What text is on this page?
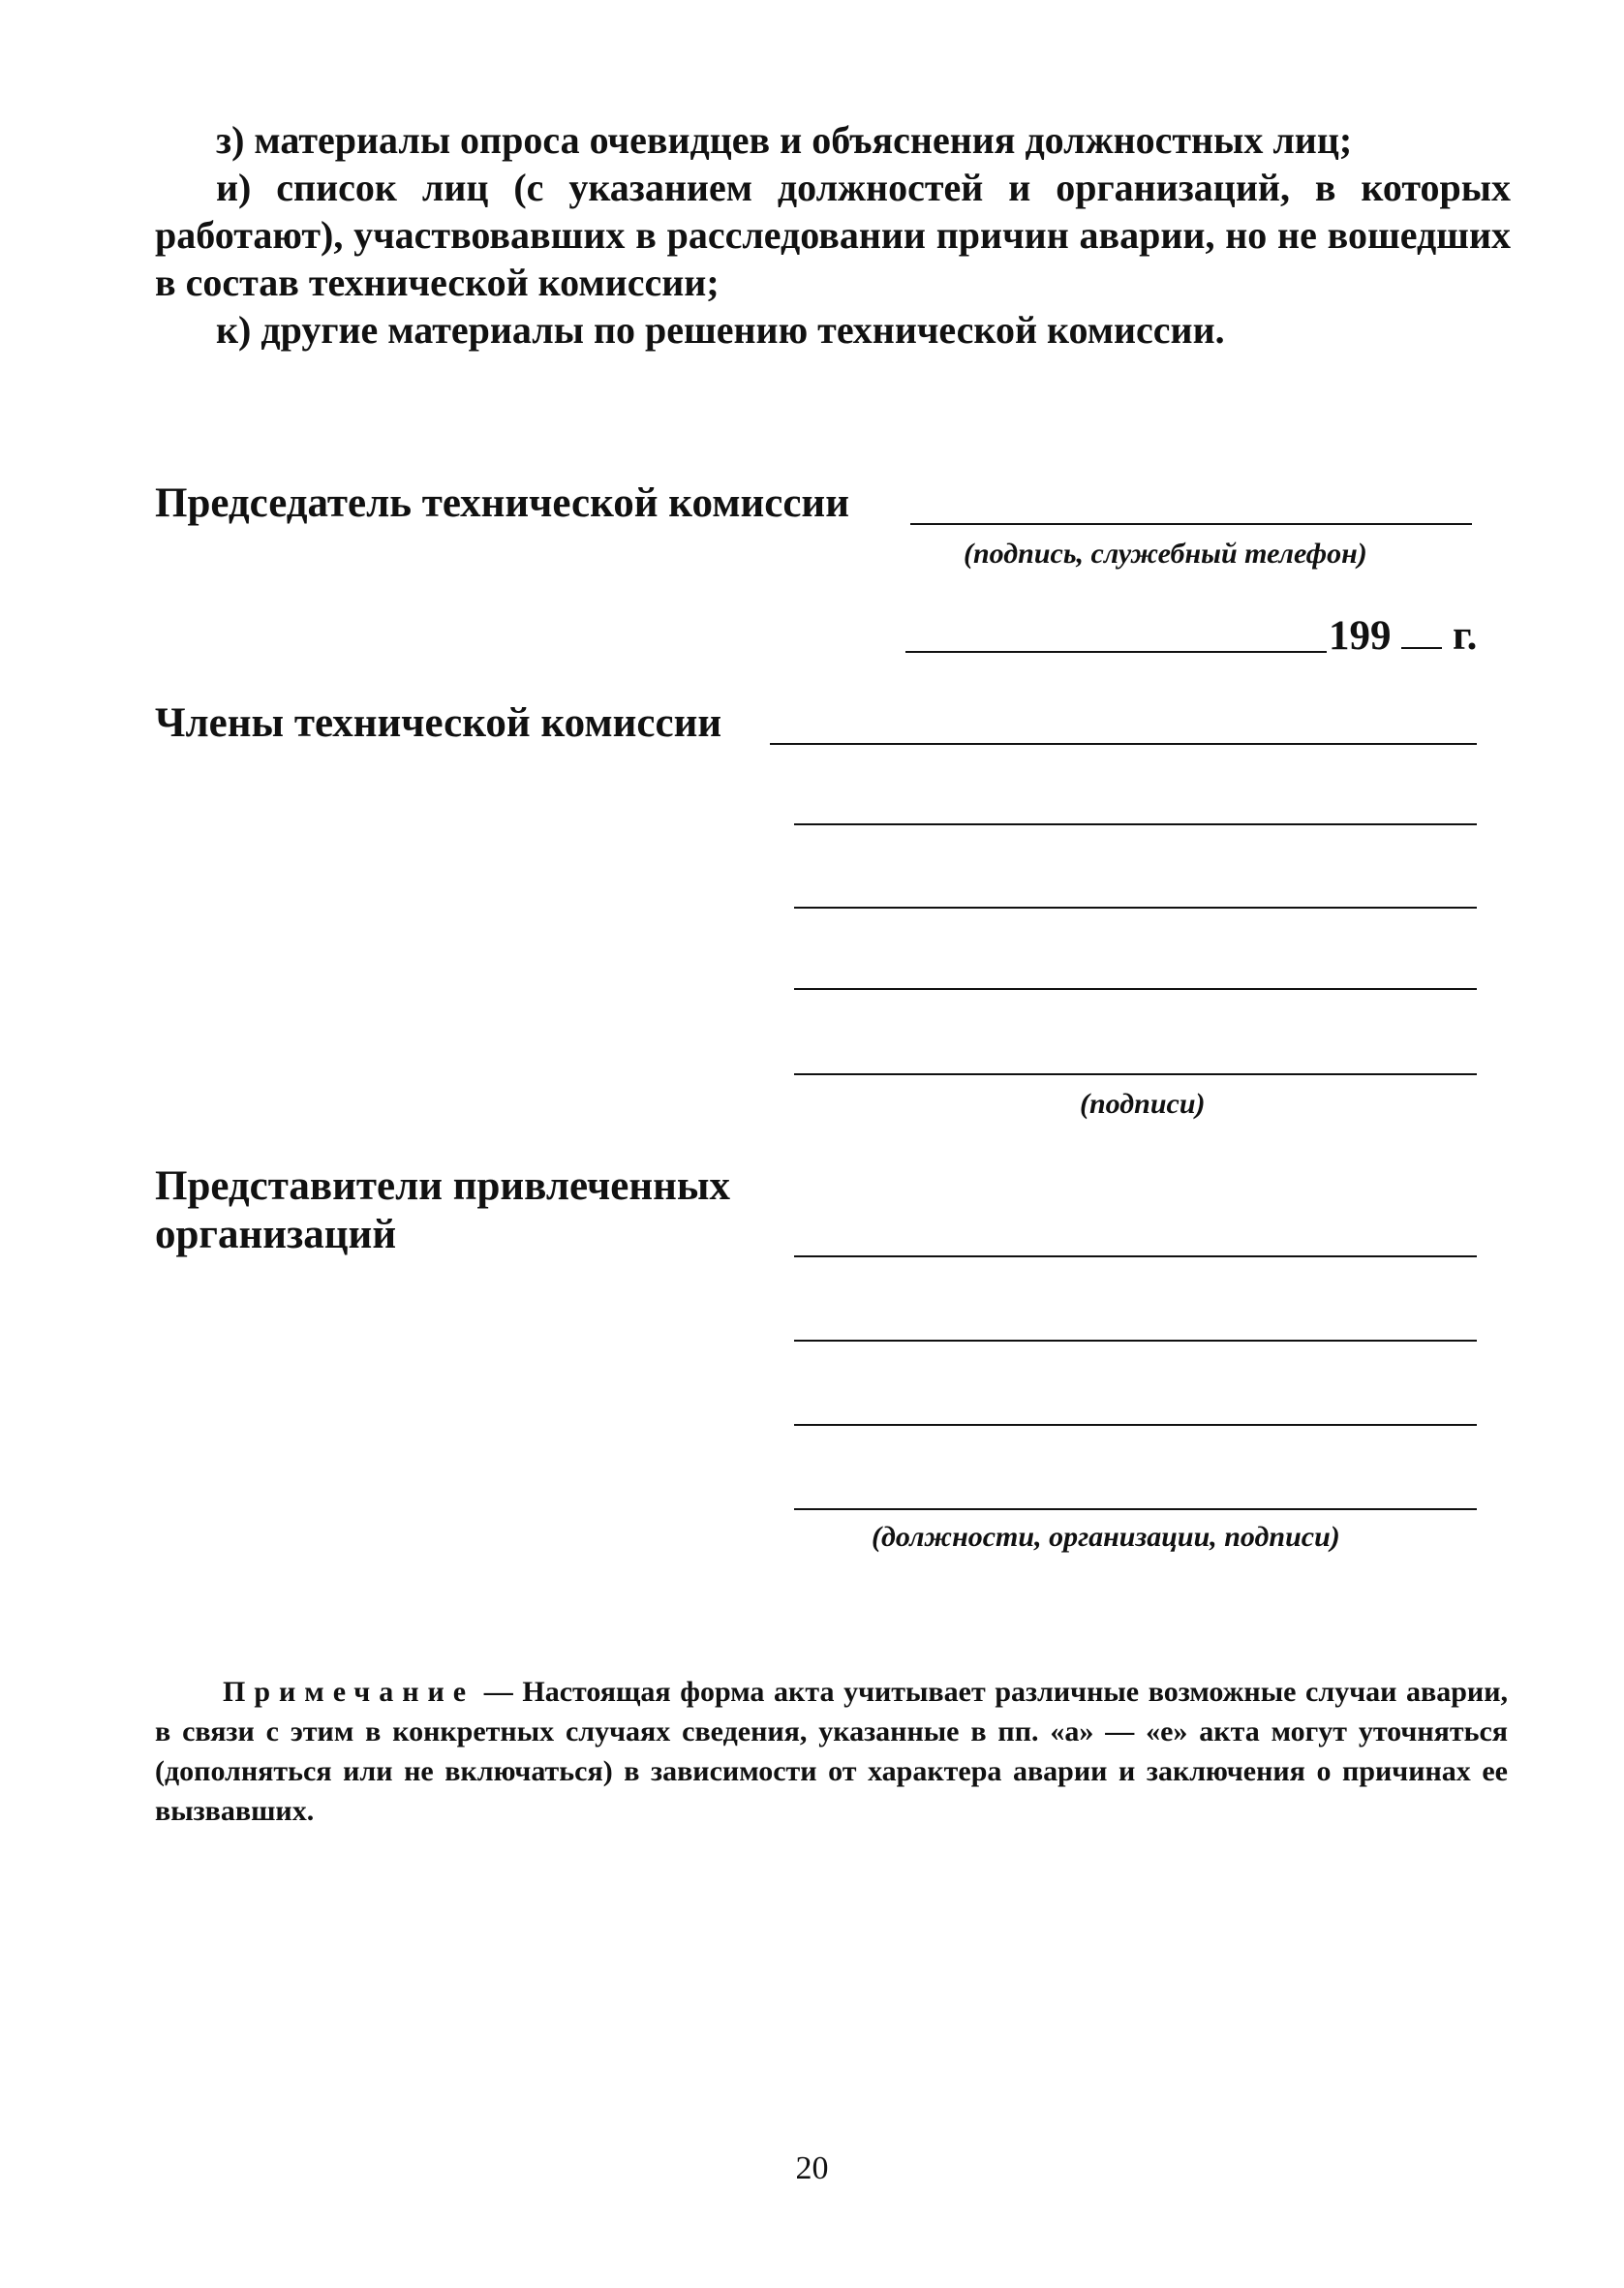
з) материалы опроса очевидцев и объяснения должностных лиц;

и) список лиц (с указанием должностей и организаций, в которых работают), участвовавших в расследовании причин аварии, но не вошедших в состав технической комиссии;

к) другие материалы по решению технической комиссии.

Председатель технической комиссии
(подпись, служебный телефон)
199 г.
Члены технической комиссии
(подписи)
Представители привлеченных организаций
(должности, организации, подписи)

Примечание — Настоящая форма акта учитывает различные возможные случаи аварии, в связи с этим в конкретных случаях сведения, указанные в пп. «а» — «е» акта могут уточняться (дополняться или не включаться) в зависимости от характера аварии и заключения о причинах ее вызвавших.

20
